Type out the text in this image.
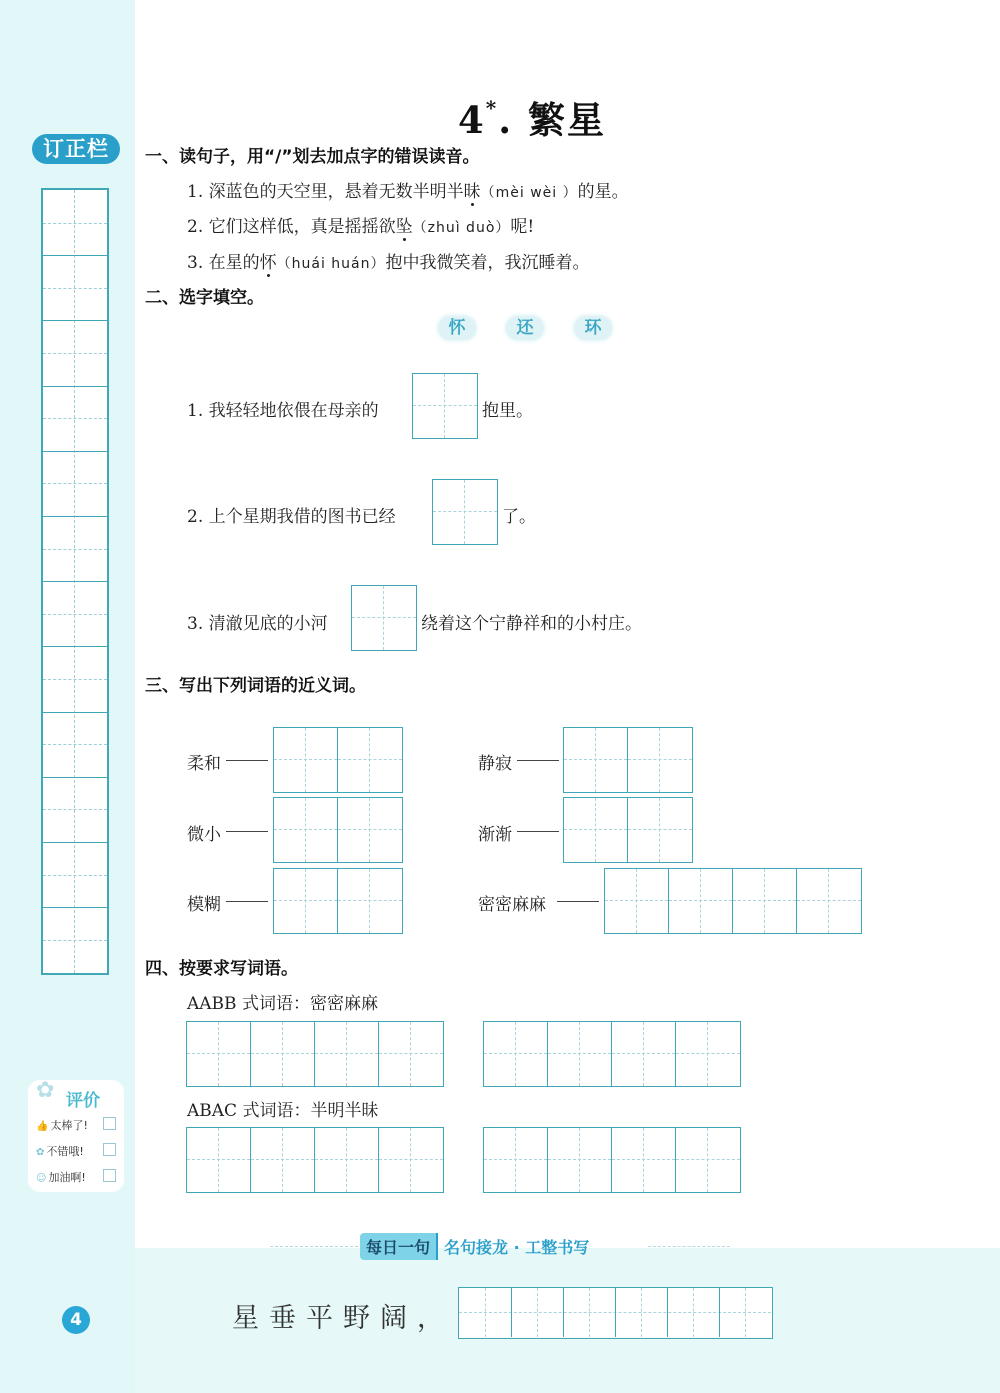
订正栏
✿ 评价
👍 太棒了!
✿ 不错哦!
☺ 加油啊!
4
4*. 繁星
一、读句子，用“/”划去加点字的错误读音。
1. 深蓝色的天空里，悬着无数半明半昧（mèi wèi ）的星。
2. 它们这样低，真是摇摇欲坠（zhuì duò）呢!
3. 在星的怀（huái huán）抱中我微笑着，我沉睡着。
二、选字填空。
怀	还	环
1. 我轻轻地依偎在母亲的	抱里。
2. 上个星期我借的图书已经	了。
3. 清澈见底的小河	绕着这个宁静祥和的小村庄。
三、写出下列词语的近义词。
柔和	静寂
微小	渐渐
模糊	密密麻麻
四、按要求写词语。
AABB 式词语：密密麻麻
ABAC 式词语：半明半昧
每日一句 名句接龙 · 工整书写
星垂平野阔，
